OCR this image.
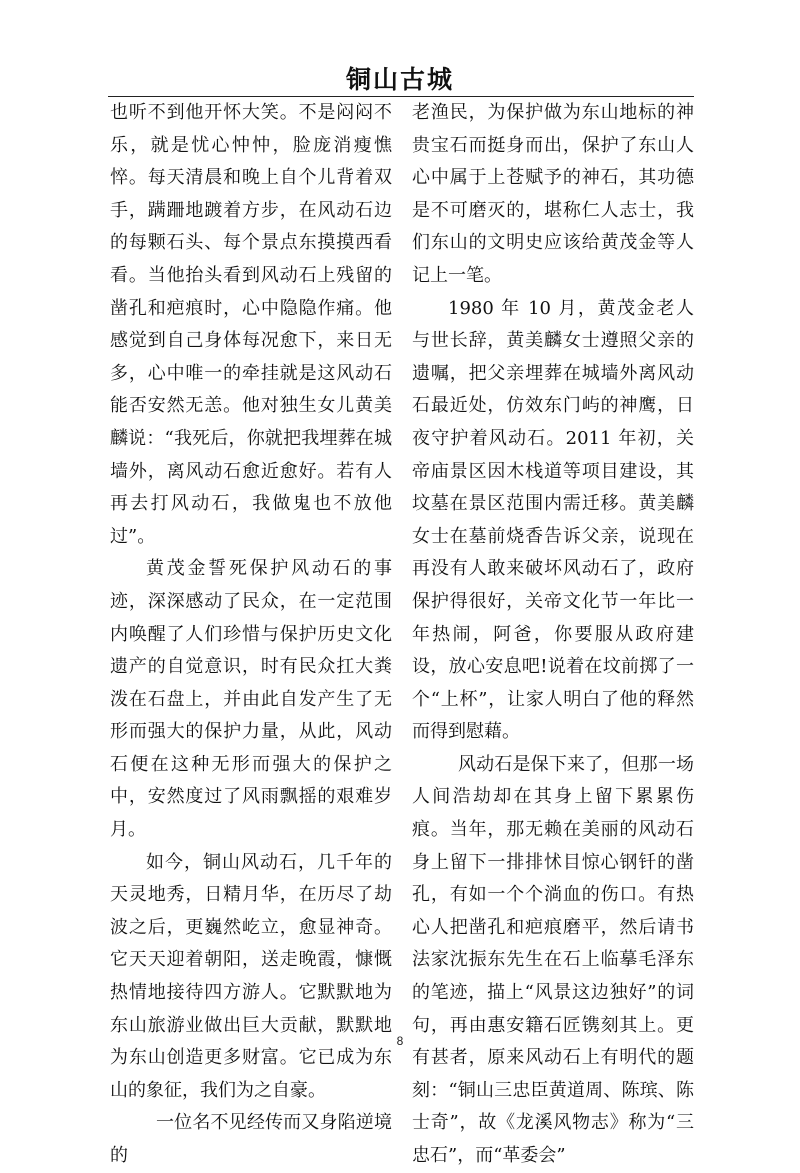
铜山古城

也听不到他开怀大笑。不是闷闷不乐，就是忧心忡忡，脸庞消瘦憔悴。每天清晨和晚上自个儿背着双手，蹒跚地踱着方步，在风动石边的每颗石头、每个景点东摸摸西看看。当他抬头看到风动石上残留的凿孔和疤痕时，心中隐隐作痛。他感觉到自己身体每况愈下，来日无多，心中唯一的牵挂就是这风动石能否安然无恙。他对独生女儿黄美麟说：“我死后，你就把我埋葬在城墙外，离风动石愈近愈好。若有人再去打风动石，我做鬼也不放他过”。

黄茂金誓死保护风动石的事迹，深深感动了民众，在一定范围内唤醒了人们珍惜与保护历史文化遗产的自觉意识，时有民众扛大粪泼在石盘上，并由此自发产生了无形而强大的保护力量，从此，风动石便在这种无形而强大的保护之中，安然度过了风雨飘摇的艰难岁月。

如今，铜山风动石，几千年的天灵地秀，日精月华，在历尽了劫波之后，更巍然屹立，愈显神奇。它天天迎着朝阳，送走晚霞，慷慨热情地接待四方游人。它默默地为东山旅游业做出巨大贡献，默默地为东山创造更多财富。它已成为东山的象征，我们为之自豪。

一位名不见经传而又身陷逆境的

老渔民，为保护做为东山地标的神贵宝石而挺身而出，保护了东山人心中属于上苍赋予的神石，其功德是不可磨灭的，堪称仁人志士，我们东山的文明史应该给黄茂金等人记上一笔。

1980 年 10 月，黄茂金老人与世长辞，黄美麟女士遵照父亲的遗嘱，把父亲埋葬在城墙外离风动石最近处，仿效东门屿的神鹰，日夜守护着风动石。2011 年初，关帝庙景区因木栈道等项目建设，其坟墓在景区范围内需迁移。黄美麟女士在墓前烧香告诉父亲，说现在再没有人敢来破坏风动石了，政府保护得很好，关帝文化节一年比一年热闹，阿爸，你要服从政府建设，放心安息吧!说着在坟前掷了一个“上杯”，让家人明白了他的释然而得到慰藉。

风动石是保下来了，但那一场人间浩劫却在其身上留下累累伤痕。当年，那无赖在美丽的风动石身上留下一排排怵目惊心钢钎的凿孔，有如一个个淌血的伤口。有热心人把凿孔和疤痕磨平，然后请书法家沈振东先生在石上临摹毛泽东的笔迹，描上“风景这边独好”的词句，再由惠安籍石匠镌刻其上。更有甚者，原来风动石上有明代的题刻：“铜山三忠臣黄道周、陈瑸、陈士奇”，故《龙溪风物志》称为“三忠石”，而“革委会”

8
